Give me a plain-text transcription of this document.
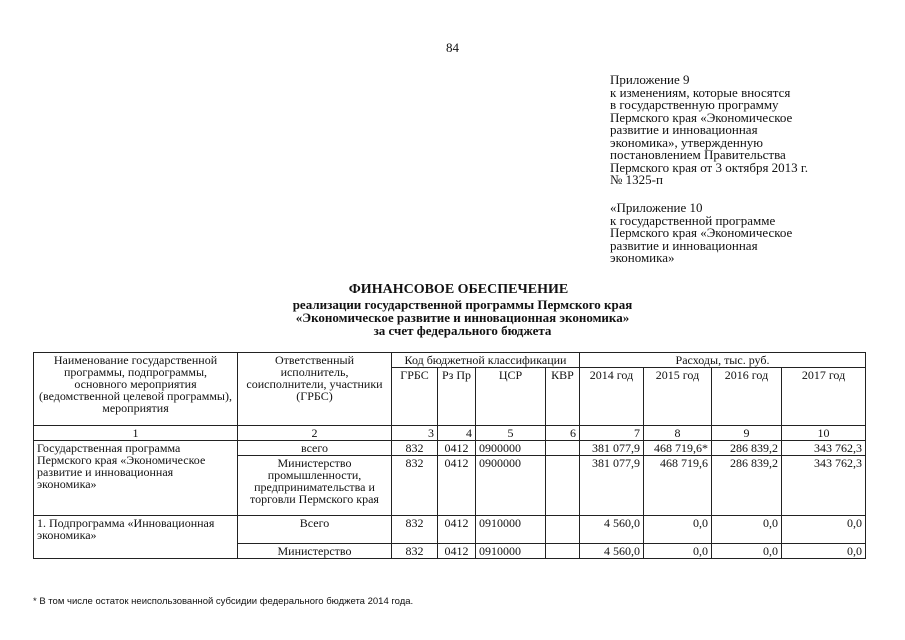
84
Приложение 9
к изменениям, которые вносятся
в государственную программу
Пермского края «Экономическое
развитие и инновационная
экономика», утвержденную
постановлением Правительства
Пермского края от 3 октября 2013 г.
№ 1325-п
«Приложение 10
к государственной программе
Пермского края «Экономическое
развитие и инновационная
экономика»
ФИНАНСОВОЕ ОБЕСПЕЧЕНИЕ
реализации государственной программы Пермского края
«Экономическое развитие и инновационная экономика»
за счет федерального бюджета
Наименование государственной программы, подпрограммы, основного мероприятия (ведомственной целевой программы), мероприятия	Ответственный исполнитель, соисполнители, участники (ГРБС)	Код бюджетной классификации				Расходы, тыс. руб.			
		ГРБС	Рз Пр	ЦСР	КВР	2014 год	2015 год	2016 год	2017 год
1	2	3	4	5	6	7	8	9	10
Государственная программа Пермского края «Экономическое развитие и инновационная экономика»	всего	832	0412	0900000		381 077,9	468 719,6*	286 839,2	343 762,3
	Министерство промышленности, предпринимательства и торговли Пермского края	832	0412	0900000		381 077,9	468 719,6	286 839,2	343 762,3
1. Подпрограмма «Инновационная экономика»	Всего	832	0412	0910000		4 560,0	0,0	0,0	0,0
	Министерство	832	0412	0910000		4 560,0	0,0	0,0	0,0
* В том числе остаток неиспользованной субсидии федерального бюджета 2014 года.
